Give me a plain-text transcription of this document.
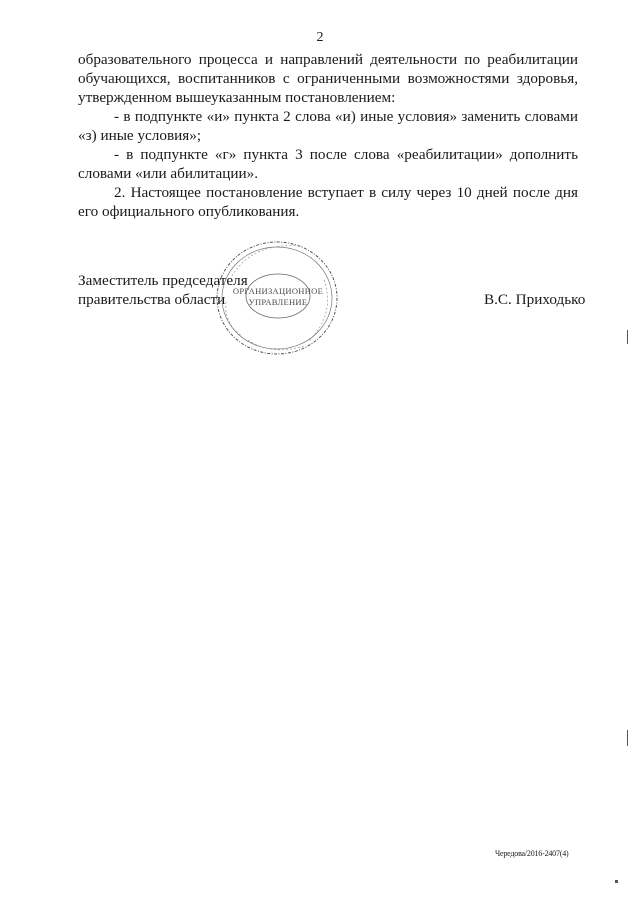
2

образовательного процесса и направлений деятельности по реабилитации обучающихся, воспитанников с ограниченными возможностями здоровья, утвержденном вышеуказанным постановлением:

- в подпункте «и» пункта 2 слова «и) иные условия» заменить словами «з) иные условия»;

- в подпункте «г» пункта 3 после слова «реабилитации» дополнить словами «или абилитации».

2. Настоящее постановление вступает в силу через 10 дней после дня его официального опубликования.

Заместитель председателя
правительства области	В.С. Приходько
ОРГАНИЗАЦИОННОЕ
УПРАВЛЕНИЕ
Чередова/2016-2407(4)
